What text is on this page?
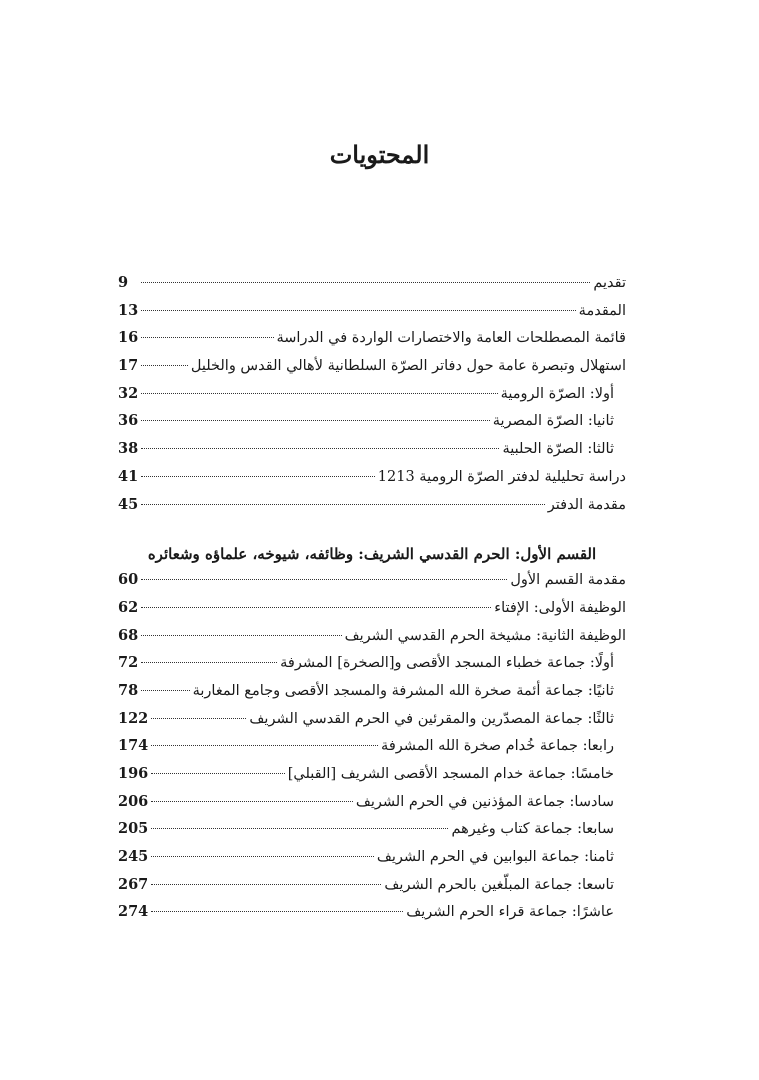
المحتويات
تقديم
9
المقدمة
13
قائمة المصطلحات العامة والاختصارات الواردة في الدراسة
16
استهلال وتبصرة عامة حول دفاتر الصرّة السلطانية لأهالي القدس والخليل
17
أولا: الصرّة الرومية
32
ثانيا: الصرّة المصرية
36
ثالثا: الصرّة الحلبية
38
دراسة تحليلية لدفتر الصرّة الرومية 1213
41
مقدمة الدفتر
45
القسم الأول: الحرم القدسي الشريف: وظائفه، شيوخه، علماؤه وشعائره
مقدمة القسم الأول
60
الوظيفة الأولى: الإفتاء
62
الوظيفة الثانية: مشيخة الحرم القدسي الشريف
68
أولًا: جماعة خطباء المسجد الأقصى و[الصخرة] المشرفة
72
ثانيًا: جماعة أئمة صخرة الله المشرفة والمسجد الأقصى وجامع المغاربة
78
ثالثًا: جماعة المصدّرين والمقرئين في الحرم القدسي الشريف
122
رابعا: جماعة خُدام صخرة الله المشرفة
174
خامسًا: جماعة خدام المسجد الأقصى الشريف [القبلي]
196
سادسا: جماعة المؤذنين في الحرم الشريف
206
سابعا: جماعة كتاب وغيرهم
205
ثامنا: جماعة البوابين في الحرم الشريف
245
تاسعا: جماعة المبلّغين بالحرم الشريف
267
عاشرًا: جماعة قراء الحرم الشريف
274
